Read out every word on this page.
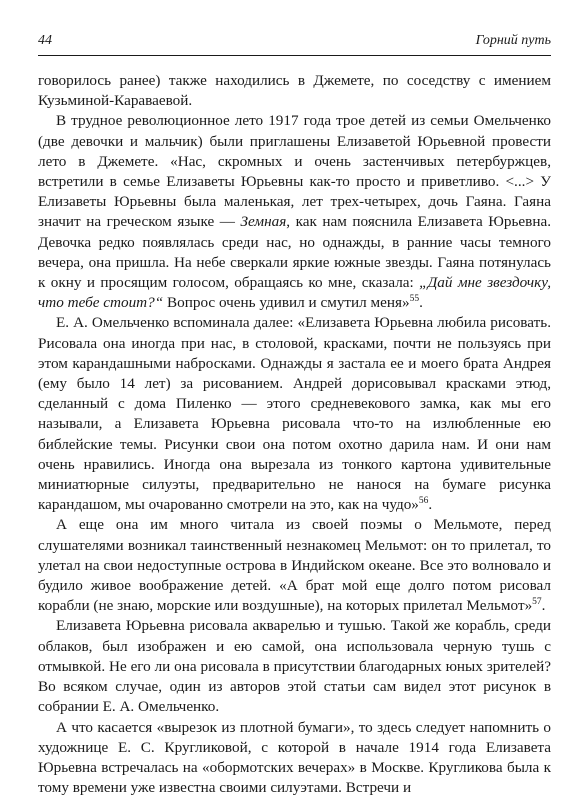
44	Горний путь

говорилось ранее) также находились в Джемете, по соседству с имением Кузьминой-Караваевой.

В трудное революционное лето 1917 года трое детей из семьи Омельченко (две девочки и мальчик) были приглашены Елизаветой Юрьевной провести лето в Джемете. «Нас, скромных и очень застенчивых петербуржцев, встретили в семье Елизаветы Юрьевны как-то просто и приветливо. <...> У Елизаветы Юрьевны была маленькая, лет трех-четырех, дочь Гаяна. Гаяна значит на греческом языке — Земная, как нам пояснила Елизавета Юрьевна. Девочка редко появлялась среди нас, но однажды, в ранние часы темного вечера, она пришла. На небе сверкали яркие южные звезды. Гаяна потянулась к окну и просящим голосом, обращаясь ко мне, сказала: „Дай мне звездочку, что тебе стоит?“ Вопрос очень удивил и смутил меня»$^{55}$.

Е. А. Омельченко вспоминала далее: «Елизавета Юрьевна любила рисовать. Рисовала она иногда при нас, в столовой, красками, почти не пользуясь при этом карандашными набросками. Однажды я застала ее и моего брата Андрея (ему было 14 лет) за рисованием. Андрей дорисовывал красками этюд, сделанный с дома Пиленко — этого средневекового замка, как мы его называли, а Елизавета Юрьевна рисовала что-то на излюбленные ею библейские темы. Рисунки свои она потом охотно дарила нам. И они нам очень нравились. Иногда она вырезала из тонкого картона удивительные миниатюрные силуэты, предварительно не нанося на бумаге рисунка карандашом, мы очарованно смотрели на это, как на чудо»$^{56}$.

А еще она им много читала из своей поэмы о Мельмоте, перед слушателями возникал таинственный незнакомец Мельмот: он то прилетал, то улетал на свои недоступные острова в Индийском океане. Все это волновало и будило живое воображение детей. «А брат мой еще долго потом рисовал корабли (не знаю, морские или воздушные), на которых прилетал Мельмот»$^{57}$.

Елизавета Юрьевна рисовала акварелью и тушью. Такой же корабль, среди облаков, был изображен и ею самой, она использовала черную тушь с отмывкой. Не его ли она рисовала в присутствии благодарных юных зрителей? Во всяком случае, один из авторов этой статьи сам видел этот рисунок в собрании Е. А. Омельченко.

А что касается «вырезок из плотной бумаги», то здесь следует напомнить о художнице Е. С. Кругликовой, с которой в начале 1914 года Елизавета Юрьевна встречалась на «обормотских вечерах» в Москве. Кругликова была к тому времени уже известна своими силуэтами. Встречи и
